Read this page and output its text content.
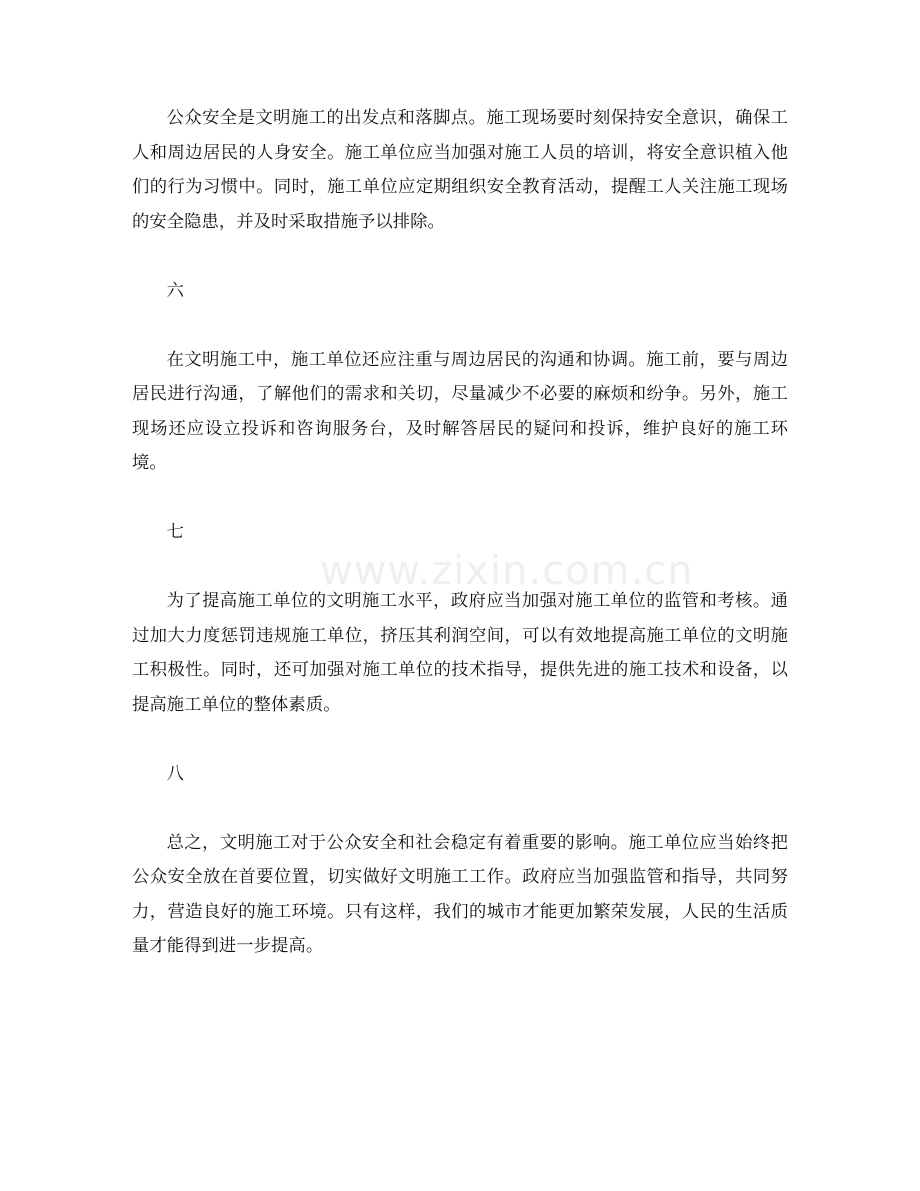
公众安全是文明施工的出发点和落脚点。施工现场要时刻保持安全意识，确保工人和周边居民的人身安全。施工单位应当加强对施工人员的培训，将安全意识植入他们的行为习惯中。同时，施工单位应定期组织安全教育活动，提醒工人关注施工现场的安全隐患，并及时采取措施予以排除。

六

在文明施工中，施工单位还应注重与周边居民的沟通和协调。施工前，要与周边居民进行沟通，了解他们的需求和关切，尽量减少不必要的麻烦和纷争。另外，施工现场还应设立投诉和咨询服务台，及时解答居民的疑问和投诉，维护良好的施工环境。

七

为了提高施工单位的文明施工水平，政府应当加强对施工单位的监管和考核。通过加大力度惩罚违规施工单位，挤压其利润空间，可以有效地提高施工单位的文明施工积极性。同时，还可加强对施工单位的技术指导，提供先进的施工技术和设备，以提高施工单位的整体素质。

八

总之，文明施工对于公众安全和社会稳定有着重要的影响。施工单位应当始终把公众安全放在首要位置，切实做好文明施工工作。政府应当加强监管和指导，共同努力，营造良好的施工环境。只有这样，我们的城市才能更加繁荣发展，人民的生活质量才能得到进一步提高。

www.zixin.com.cn
